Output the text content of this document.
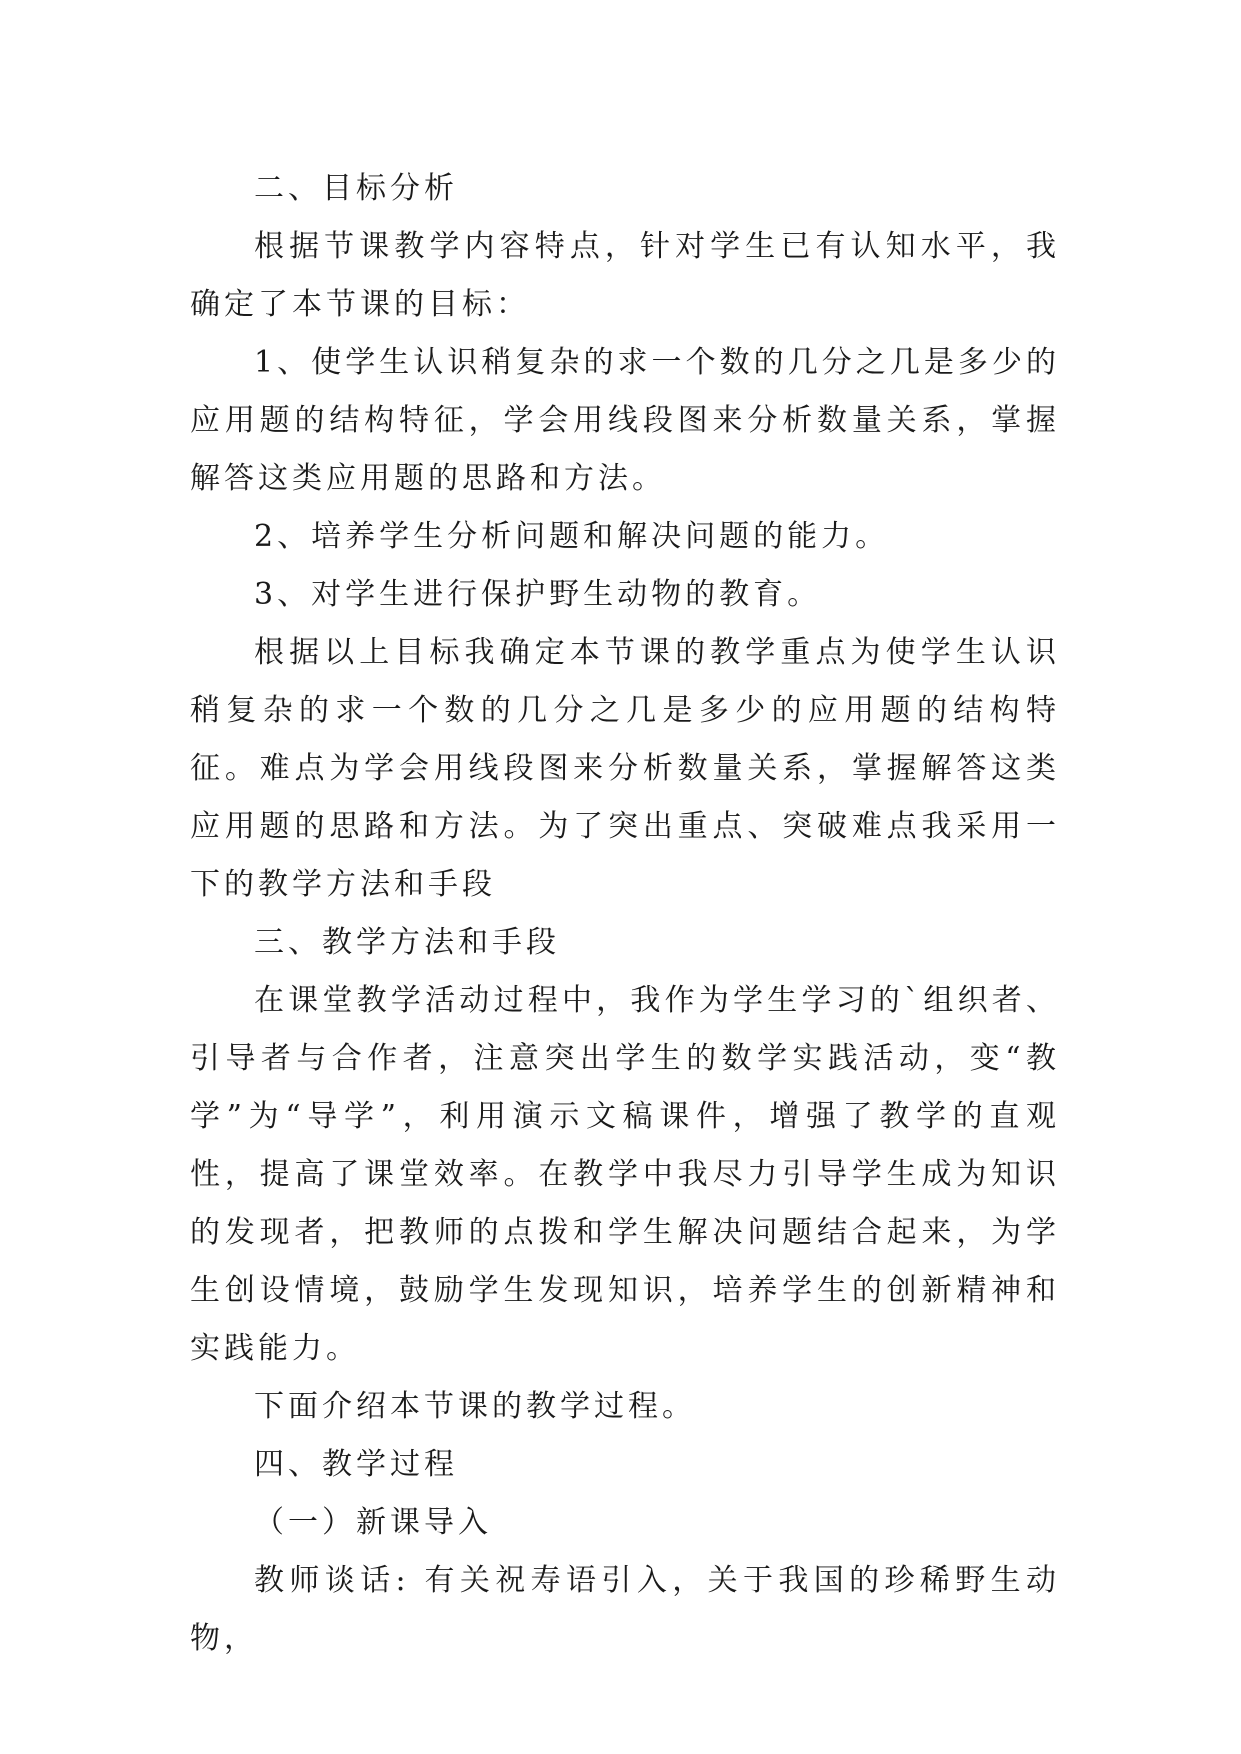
二、目标分析

根据节课教学内容特点，针对学生已有认知水平，我确定了本节课的目标：

1、使学生认识稍复杂的求一个数的几分之几是多少的应用题的结构特征，学会用线段图来分析数量关系，掌握解答这类应用题的思路和方法。

2、培养学生分析问题和解决问题的能力。

3、对学生进行保护野生动物的教育。

根据以上目标我确定本节课的教学重点为使学生认识稍复杂的求一个数的几分之几是多少的应用题的结构特征。难点为学会用线段图来分析数量关系，掌握解答这类应用题的思路和方法。为了突出重点、突破难点我采用一下的教学方法和手段

三、教学方法和手段

在课堂教学活动过程中，我作为学生学习的`组织者、引导者与合作者，注意突出学生的数学实践活动，变“教学”为“导学”，利用演示文稿课件，增强了教学的直观性，提高了课堂效率。在教学中我尽力引导学生成为知识的发现者，把教师的点拨和学生解决问题结合起来，为学生创设情境，鼓励学生发现知识，培养学生的创新精神和实践能力。

下面介绍本节课的教学过程。

四、教学过程

（一）新课导入

教师谈话: 有关祝寿语引入，关于我国的珍稀野生动物，
